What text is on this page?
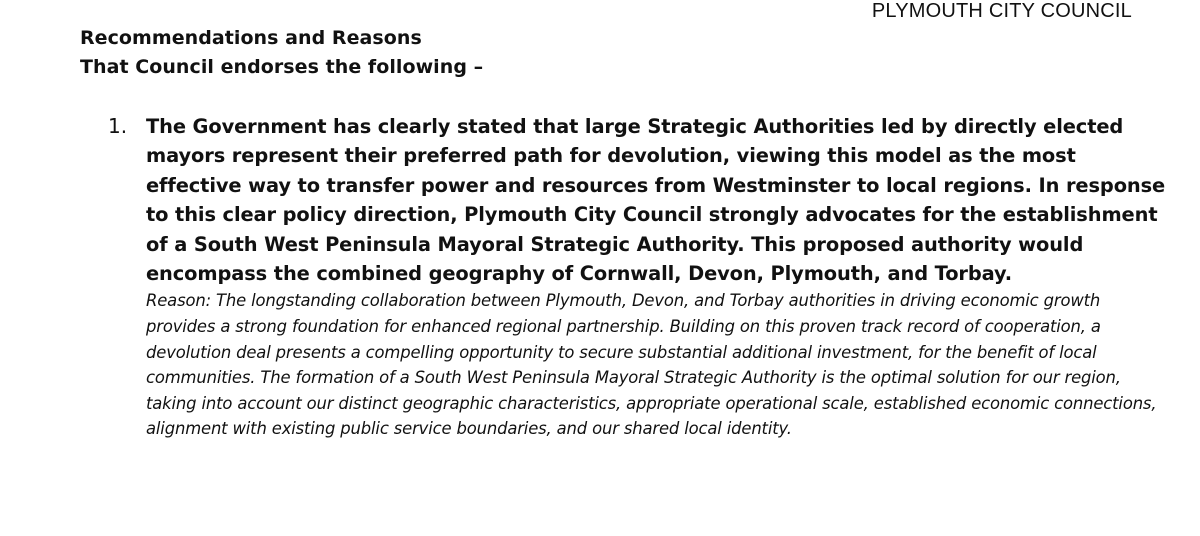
PLYMOUTH CITY COUNCIL
Recommendations and Reasons
That Council endorses the following –
1. The Government has clearly stated that large Strategic Authorities led by directly elected mayors represent their preferred path for devolution, viewing this model as the most effective way to transfer power and resources from Westminster to local regions. In response to this clear policy direction, Plymouth City Council strongly advocates for the establishment of a South West Peninsula Mayoral Strategic Authority. This proposed authority would encompass the combined geography of Cornwall, Devon, Plymouth, and Torbay.

Reason: The longstanding collaboration between Plymouth, Devon, and Torbay authorities in driving economic growth provides a strong foundation for enhanced regional partnership. Building on this proven track record of cooperation, a devolution deal presents a compelling opportunity to secure substantial additional investment, for the benefit of local communities. The formation of a South West Peninsula Mayoral Strategic Authority is the optimal solution for our region, taking into account our distinct geographic characteristics, appropriate operational scale, established economic connections, alignment with existing public service boundaries, and our shared local identity.
